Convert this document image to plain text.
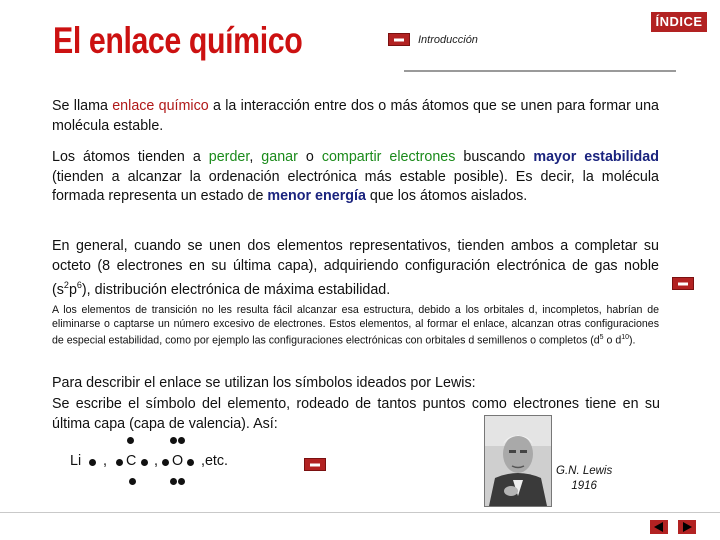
El enlace químico	Introducción
ÍNDICE
Se llama enlace químico a la interacción entre dos o más átomos que se unen para formar una molécula estable.
Los átomos tienden a perder, ganar o compartir electrones buscando mayor estabilidad (tienden a alcanzar la ordenación electrónica más estable posible). Es decir, la molécula formada representa un estado de menor energía que los átomos aislados.
En general, cuando se unen dos elementos representativos, tienden ambos a completar su octeto (8 electrones en su última capa), adquiriendo configuración electrónica de gas noble $(s^2p^6)$, distribución electrónica de máxima estabilidad.
A los elementos de transición no les resulta fácil alcanzar esa estructura, debido a los orbitales d, incompletos, habrían de eliminarse o captarse un número excesivo de electrones. Estos elementos, al formar el enlace, alcanzan otras configuraciones de especial estabilidad, como por ejemplo las configuraciones electrónicas con orbitales d semillenos o completos ($d^5$ o $d^{10}$).
Para describir el enlace se utilizan los símbolos ideados por Lewis:
Se escribe el símbolo del elemento, rodeado de tantos puntos como electrones tiene en su última capa (capa de valencia). Así:
Li , C , O ,etc.
G.N. Lewis
1916
